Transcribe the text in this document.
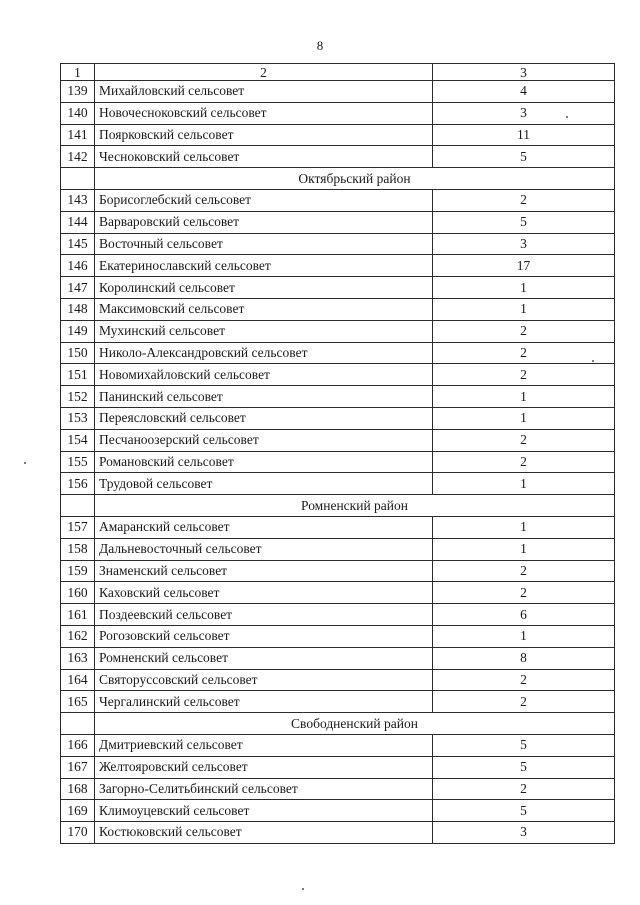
8
1	2	3
139	Михайловский сельсовет	4
140	Новочесноковский сельсовет	3
141	Поярковский сельсовет	11
142	Чесноковский сельсовет	5
	Октябрьский район	
143	Борисоглебский сельсовет	2
144	Варваровский сельсовет	5
145	Восточный сельсовет	3
146	Екатеринославский сельсовет	17
147	Королинский сельсовет	1
148	Максимовский сельсовет	1
149	Мухинский сельсовет	2
150	Николо-Александровский сельсовет	2
151	Новомихайловский сельсовет	2
152	Панинский сельсовет	1
153	Переясловский сельсовет	1
154	Песчаноозерский сельсовет	2
155	Романовский сельсовет	2
156	Трудовой сельсовет	1
	Ромненский район	
157	Амаранский сельсовет	1
158	Дальневосточный сельсовет	1
159	Знаменский сельсовет	2
160	Каховский сельсовет	2
161	Поздеевский сельсовет	6
162	Рогозовский сельсовет	1
163	Ромненский сельсовет	8
164	Святоруссовский сельсовет	2
165	Чергалинский сельсовет	2
	Свободненский район	
166	Дмитриевский сельсовет	5
167	Желтояровский сельсовет	5
168	Загорно-Селитьбинский сельсовет	2
169	Климоуцевский сельсовет	5
170	Костюковский сельсовет	3
